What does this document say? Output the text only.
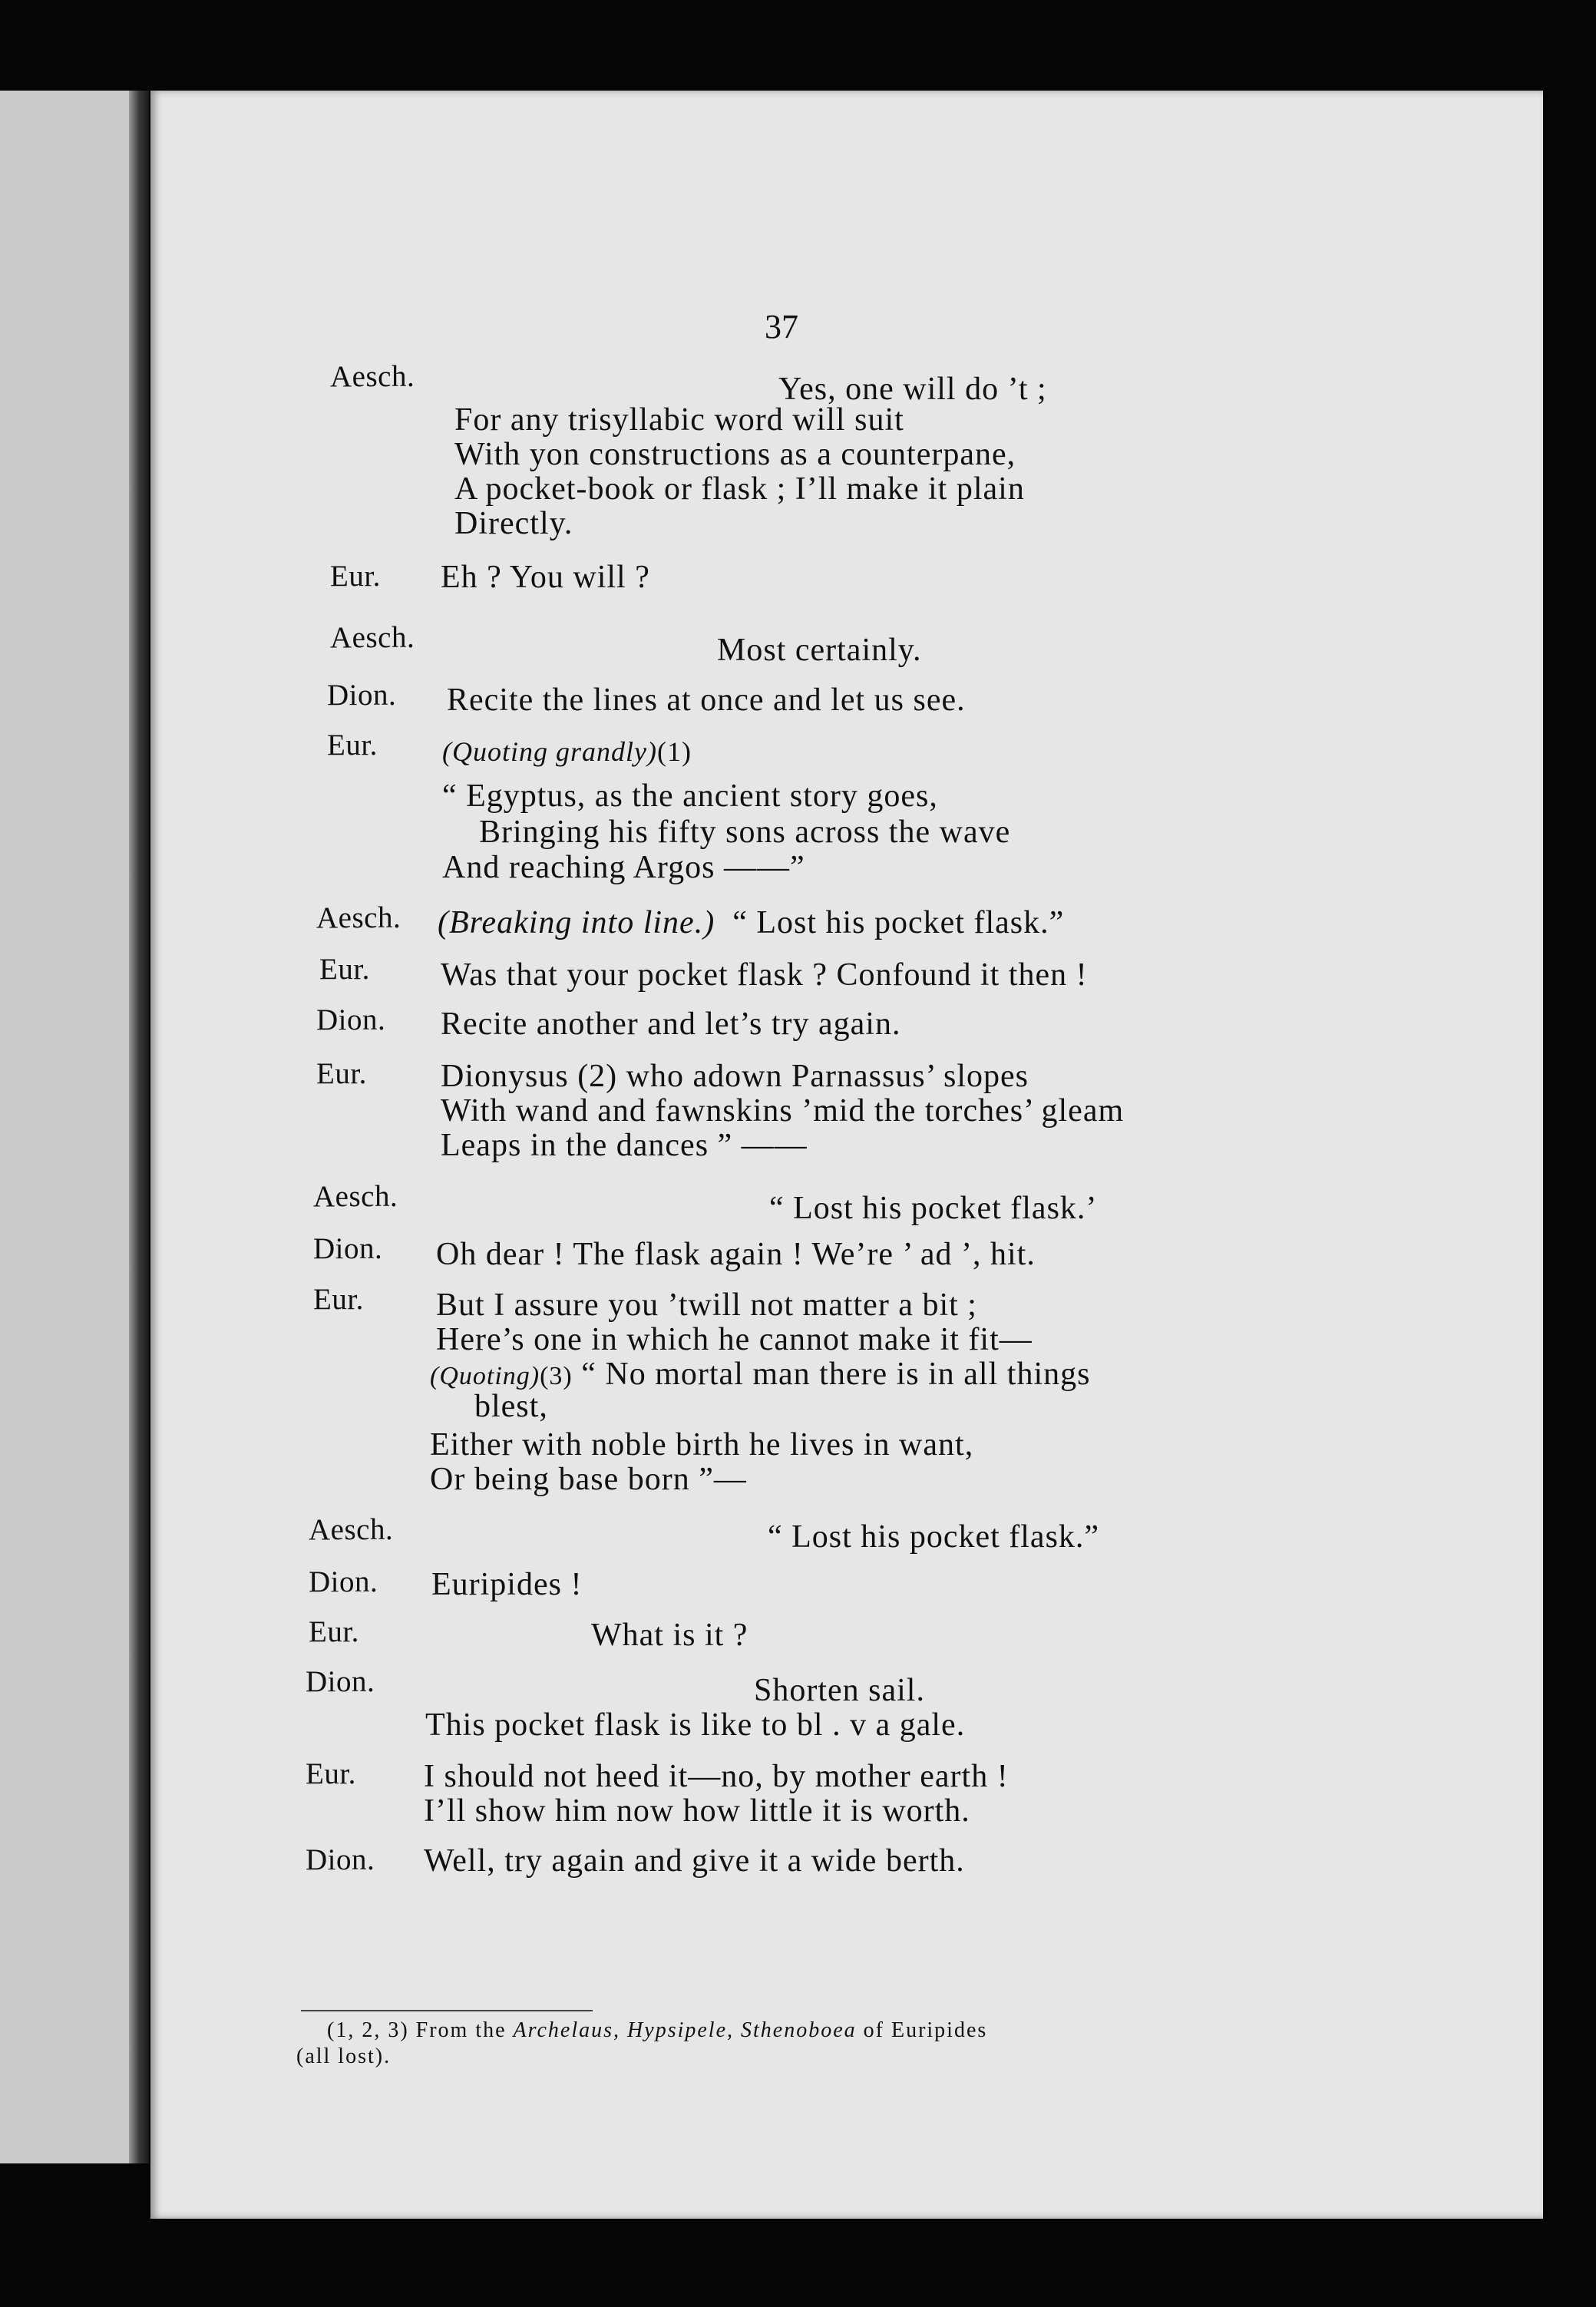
37
Aesch.	Yes, one will do ’t ;
For any trisyllabic word will suit
With yon constructions as a counterpane,
A pocket-book or flask ; I’ll make it plain
Directly.
Eur. Eh ? You will ?
Aesch.	Most certainly.
Dion. Recite the lines at once and let us see.
Eur. (Quoting grandly)(1)
“ Egyptus, as the ancient story goes,
Bringing his fifty sons across the wave
And reaching Argos ——”
Aesch. (Breaking into line.) “ Lost his pocket flask.”
Eur. Was that your pocket flask ? Confound it then !
Dion. Recite another and let’s try again.
Eur. Dionysus (2) who adown Parnassus’ slopes
With wand and fawnskins ’mid the torches’ gleam
Leaps in the dances ” ——
Aesch.	“ Lost his pocket flask.’
Dion. Oh dear ! The flask again ! We’re ’ ad ’, hit.
Eur. But I assure you ’twill not matter a bit ;
Here’s one in which he cannot make it fit—
(Quoting)(3) “ No mortal man there is in all things
blest,
Either with noble birth he lives in want,
Or being base born ”—
Aesch.	“ Lost his pocket flask.”
Dion. Euripides !
Eur.	What is it ?
Dion.	Shorten sail.
This pocket flask is like to bl . v a gale.
Eur. I should not heed it—no, by mother earth !
I’ll show him now how little it is worth.
Dion. Well, try again and give it a wide berth.
(1, 2, 3) From the Archelaus, Hypsipele, Sthenoboea of Euripides
(all lost).
